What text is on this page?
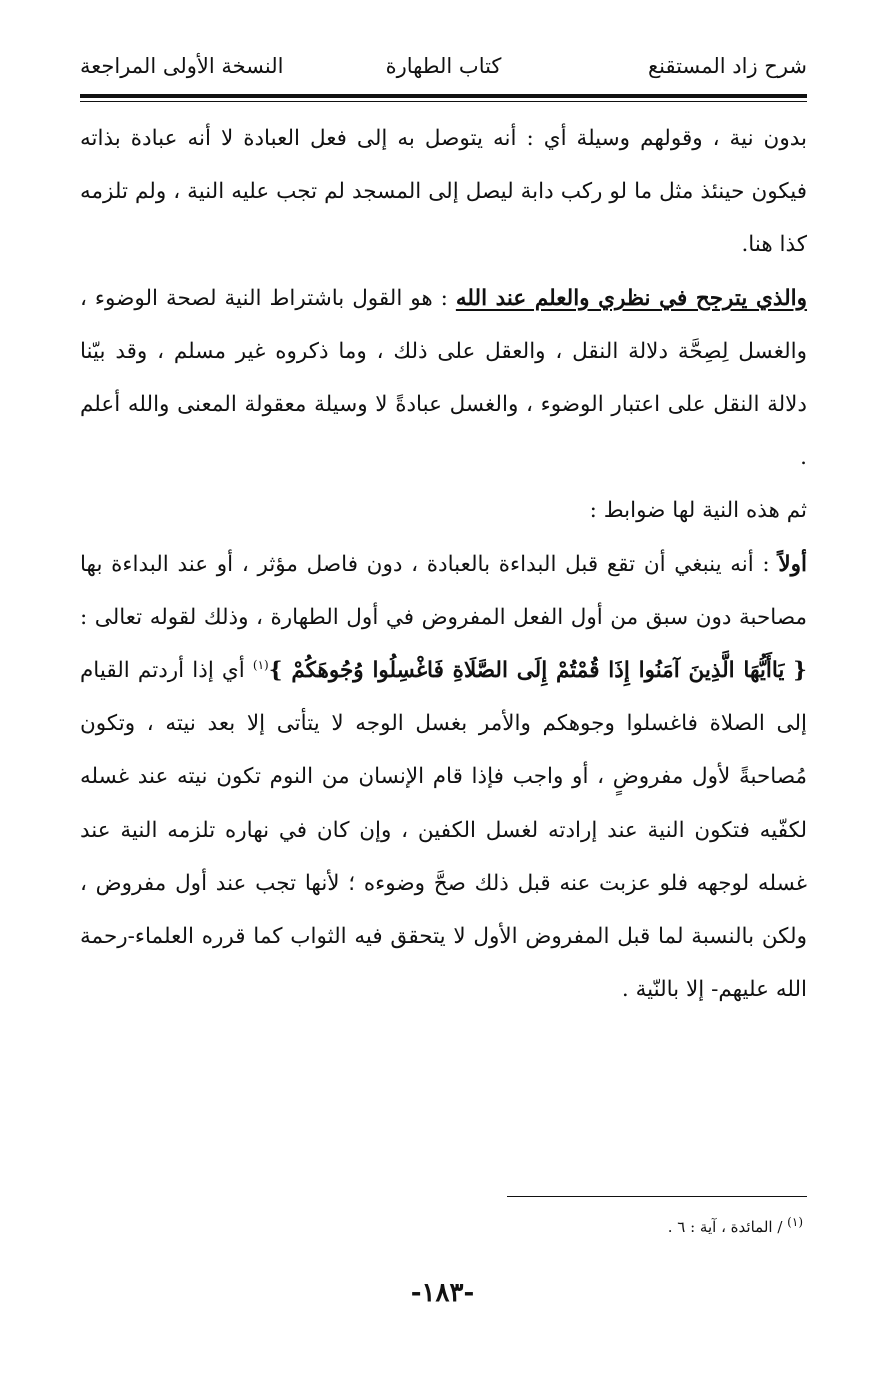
شرح زاد المستقنع
كتاب الطهارة
النسخة الأولى المراجعة

بدون نية ، وقولهم وسيلة أي : أنه يتوصل به إلى فعل العبادة لا أنه عبادة بذاته فيكون حينئذ مثل ما لو ركب دابة ليصل إلى المسجد لم تجب عليه النية ، ولم تلزمه كذا هنا.

والذي يترجح في نظري والعلم عند الله : هو القول باشتراط النية لصحة الوضوء ، والغسل لِصِحَّة دلالة النقل ، والعقل على ذلك ، وما ذكروه غير مسلم ، وقد بيّنا دلالة النقل على اعتبار الوضوء ، والغسل عبادةً لا وسيلة معقولة المعنى والله أعلم .

ثم هذه النية لها ضوابط :

أولاً : أنه ينبغي أن تقع قبل البداءة بالعبادة ، دون فاصل مؤثر ، أو عند البداءة بها مصاحبة دون سبق من أول الفعل المفروض في أول الطهارة ، وذلك لقوله تعالى :{ يَاأَيُّهَا الَّذِينَ آمَنُوا إِذَا قُمْتُمْ إِلَى الصَّلَاةِ فَاغْسِلُوا وُجُوهَكُمْ }$^{(١)}$ أي إذا أردتم القيام إلى الصلاة فاغسلوا وجوهكم والأمر بغسل الوجه لا يتأتى إلا بعد نيته ، وتكون مُصاحبةً لأول مفروضٍ ، أو واجب فإذا قام الإنسان من النوم تكون نيته عند غسله لكفّيه فتكون النية عند إرادته لغسل الكفين ، وإن كان في نهاره تلزمه النية عند غسله لوجهه فلو عزبت عنه قبل ذلك صحَّ وضوءه ؛ لأنها تجب عند أول مفروض ، ولكن بالنسبة لما قبل المفروض الأول لا يتحقق فيه الثواب كما قرره العلماء-رحمة الله عليهم- إلا بالنّية .

$^{(١)}$ / المائدة ، آية : ٦ .
-١٨٣-
